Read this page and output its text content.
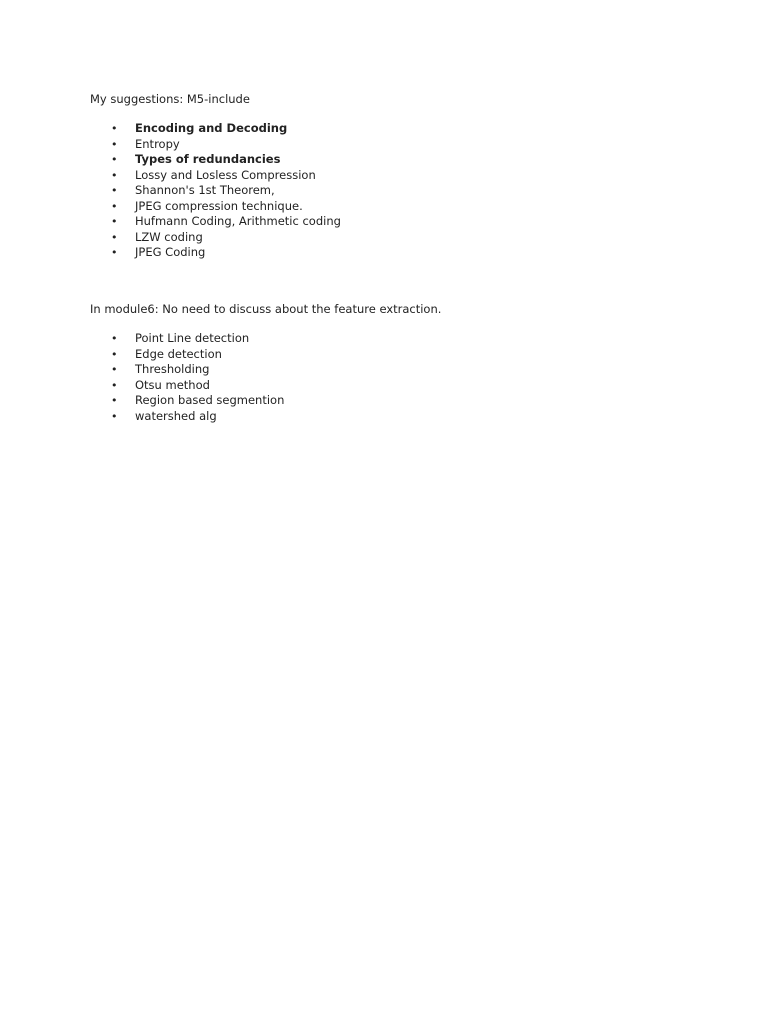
My suggestions: M5-include

•	Encoding and Decoding
•	Entropy
•	Types of redundancies
•	Lossy and Losless Compression
•	Shannon's 1st Theorem,
•	JPEG compression technique.
•	Hufmann Coding, Arithmetic coding
•	LZW coding
•	JPEG Coding

In module6: No need to discuss about the feature extraction.

•	Point Line detection
•	Edge detection
•	Thresholding
•	Otsu method
•	Region based segmention
•	watershed alg
